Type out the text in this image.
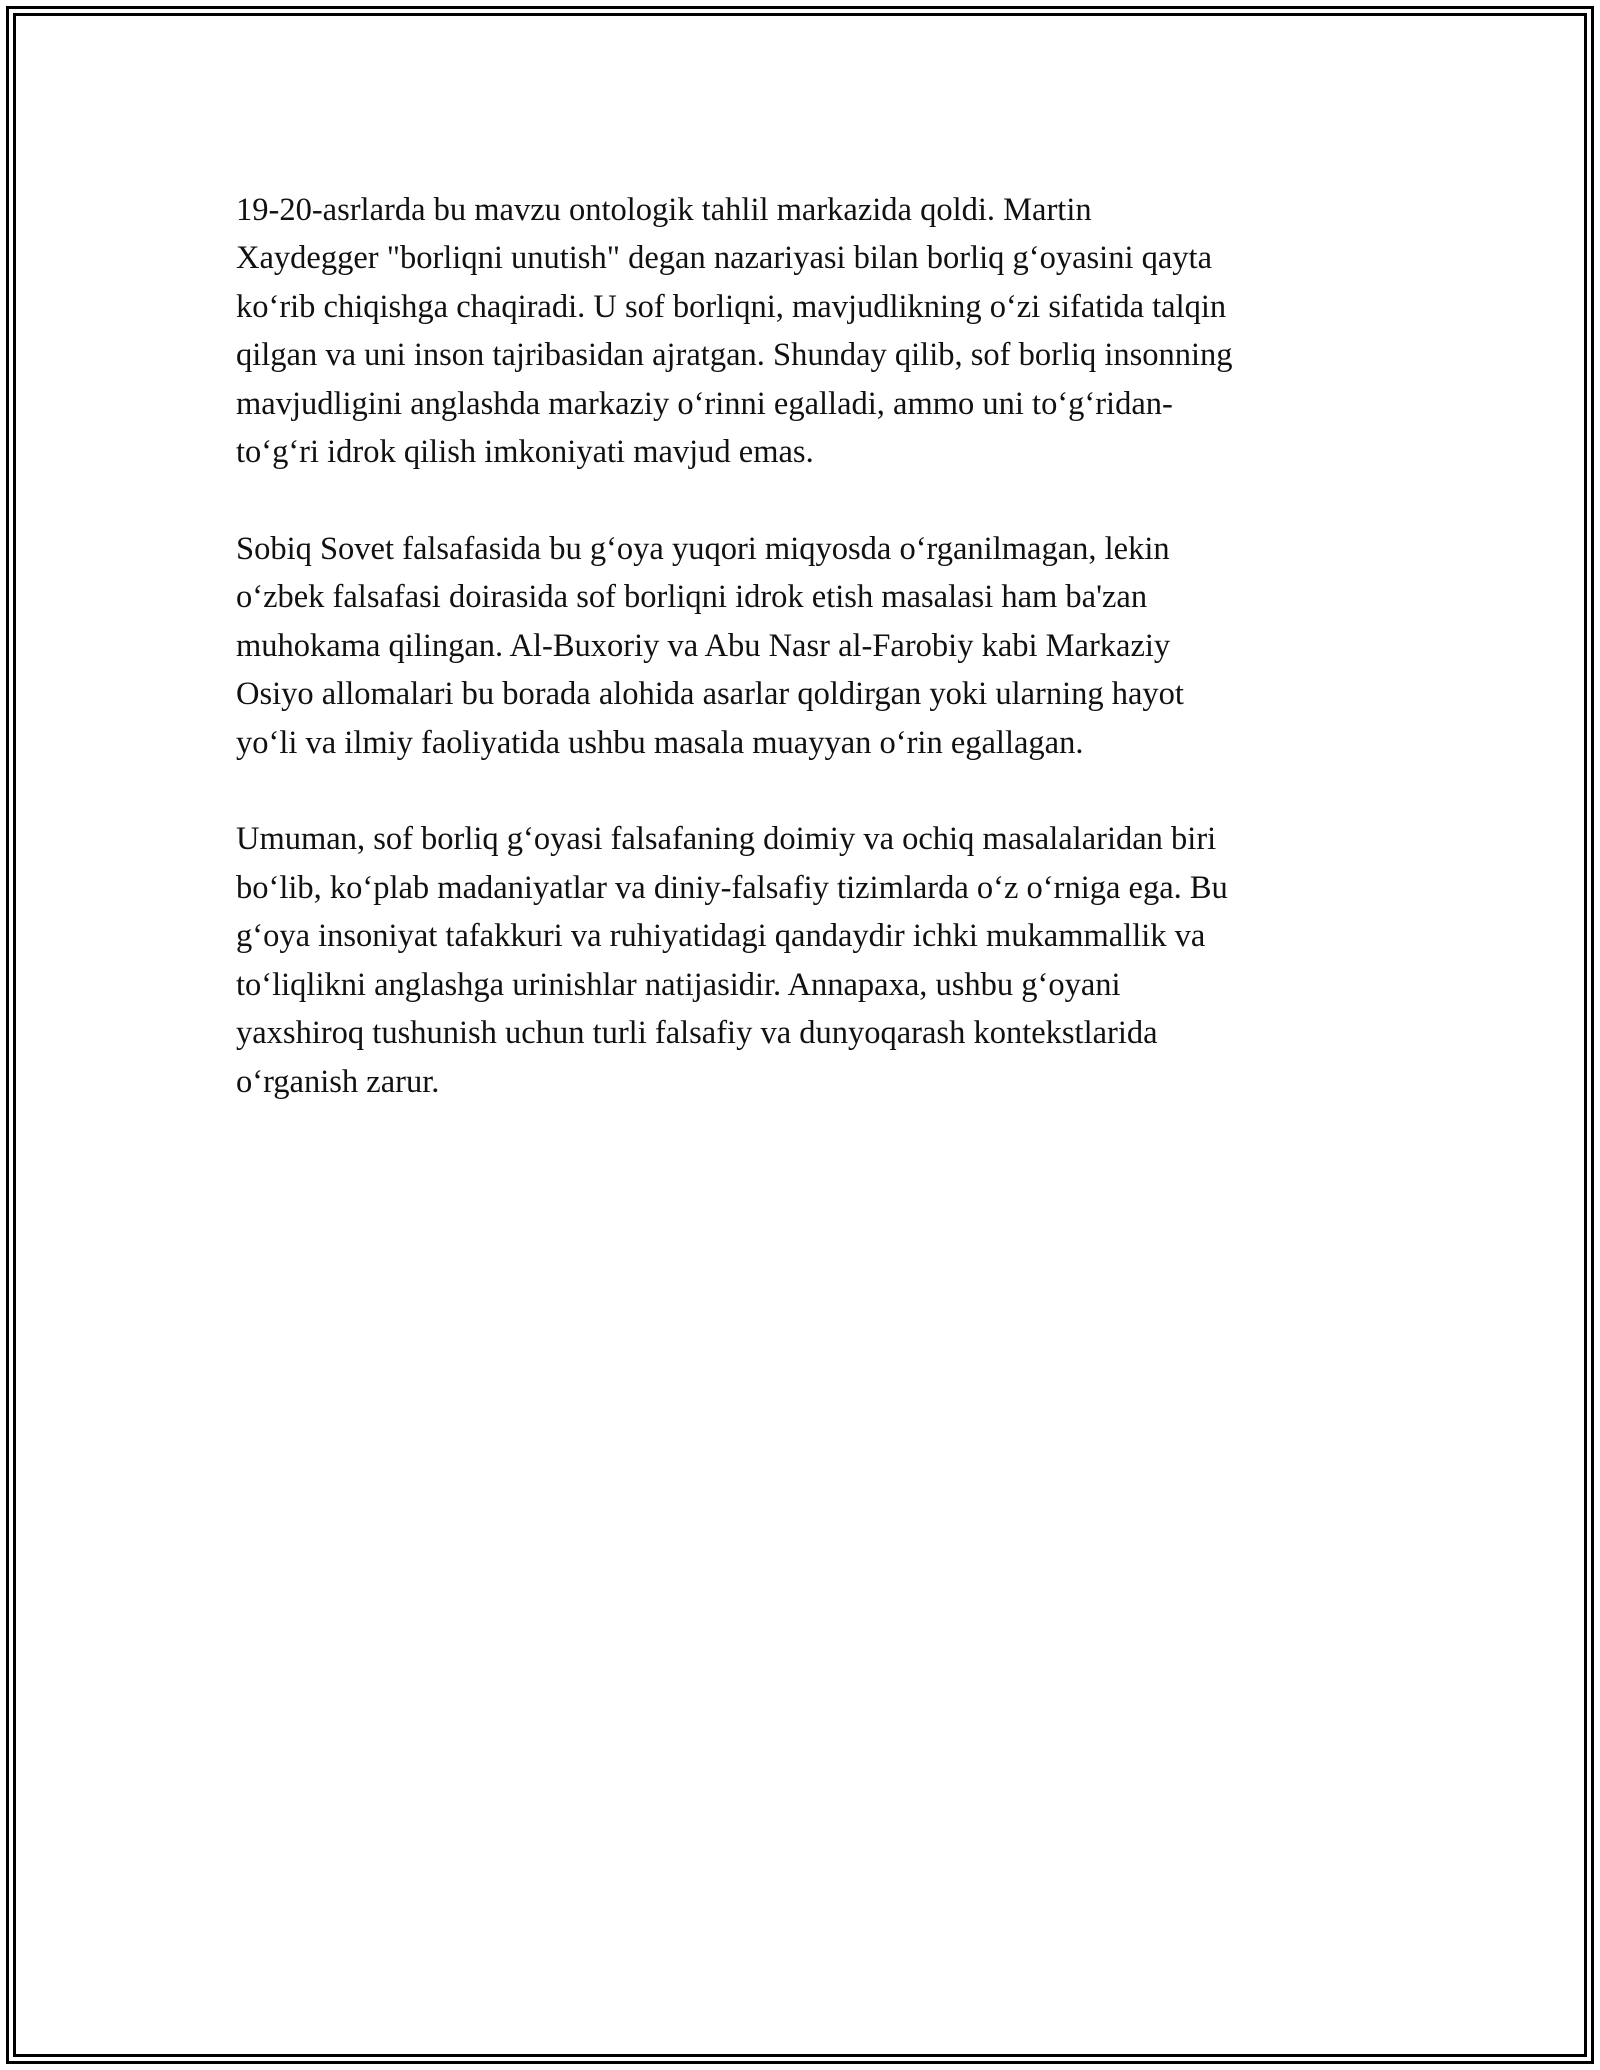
19-20-asrlarda bu mavzu ontologik tahlil markazida qoldi. Martin
Xaydegger "borliqni unutish" degan nazariyasi bilan borliq g‘oyasini qayta
ko‘rib chiqishga chaqiradi. U sof borliqni, mavjudlikning o‘zi sifatida talqin
qilgan va uni inson tajribasidan ajratgan. Shunday qilib, sof borliq insonning
mavjudligini anglashda markaziy o‘rinni egalladi, ammo uni to‘g‘ridan-
to‘g‘ri idrok qilish imkoniyati mavjud emas.

Sobiq Sovet falsafasida bu g‘oya yuqori miqyosda o‘rganilmagan, lekin
o‘zbek falsafasi doirasida sof borliqni idrok etish masalasi ham ba'zan
muhokama qilingan. Al-Buxoriy va Abu Nasr al-Farobiy kabi Markaziy
Osiyo allomalari bu borada alohida asarlar qoldirgan yoki ularning hayot
yo‘li va ilmiy faoliyatida ushbu masala muayyan o‘rin egallagan.

Umuman, sof borliq g‘oyasi falsafaning doimiy va ochiq masalalaridan biri
bo‘lib, ko‘plab madaniyatlar va diniy-falsafiy tizimlarda o‘z o‘rniga ega. Bu
g‘oya insoniyat tafakkuri va ruhiyatidagi qandaydir ichki mukammallik va
to‘liqlikni anglashga urinishlar natijasidir. Annapaxa, ushbu g‘oyani
yaxshiroq tushunish uchun turli falsafiy va dunyoqarash kontekstlarida
o‘rganish zarur.
